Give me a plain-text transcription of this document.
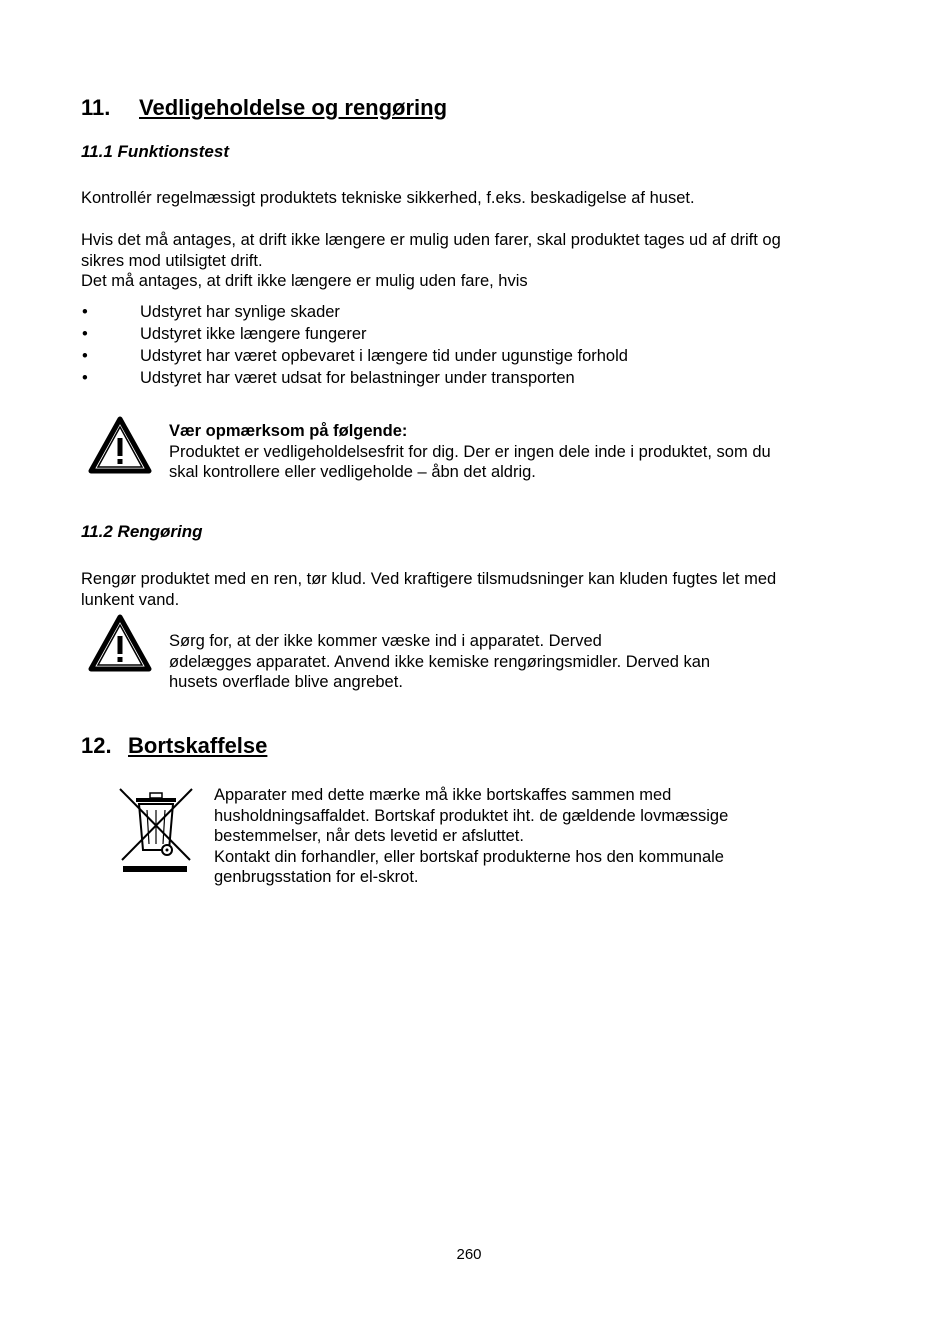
11. Vedligeholdelse og rengøring
11.1 Funktionstest
Kontrollér regelmæssigt produktets tekniske sikkerhed, f.eks. beskadigelse af huset.
Hvis det må antages, at drift ikke længere er mulig uden farer, skal produktet tages ud af drift og
sikres mod utilsigtet drift.
Det må antages, at drift ikke længere er mulig uden fare, hvis
•	Udstyret har synlige skader
•	Udstyret ikke længere fungerer
•	Udstyret har været opbevaret i længere tid under ugunstige forhold
•	Udstyret har været udsat for belastninger under transporten
Vær opmærksom på følgende:
Produktet er vedligeholdelsesfrit for dig. Der er ingen dele inde i produktet, som du
skal kontrollere eller vedligeholde – åbn det aldrig.
11.2 Rengøring
Rengør produktet med en ren, tør klud. Ved kraftigere tilsmudsninger kan kluden fugtes let med
lunkent vand.
Sørg for, at der ikke kommer væske ind i apparatet. Derved
ødelægges apparatet. Anvend ikke kemiske rengøringsmidler. Derved kan
husets overflade blive angrebet.
12. Bortskaffelse
Apparater med dette mærke må ikke bortskaffes sammen med
husholdningsaffaldet. Bortskaf produktet iht. de gældende lovmæssige
bestemmelser, når dets levetid er afsluttet.
Kontakt din forhandler, eller bortskaf produkterne hos den kommunale
genbrugsstation for el-skrot.
260
